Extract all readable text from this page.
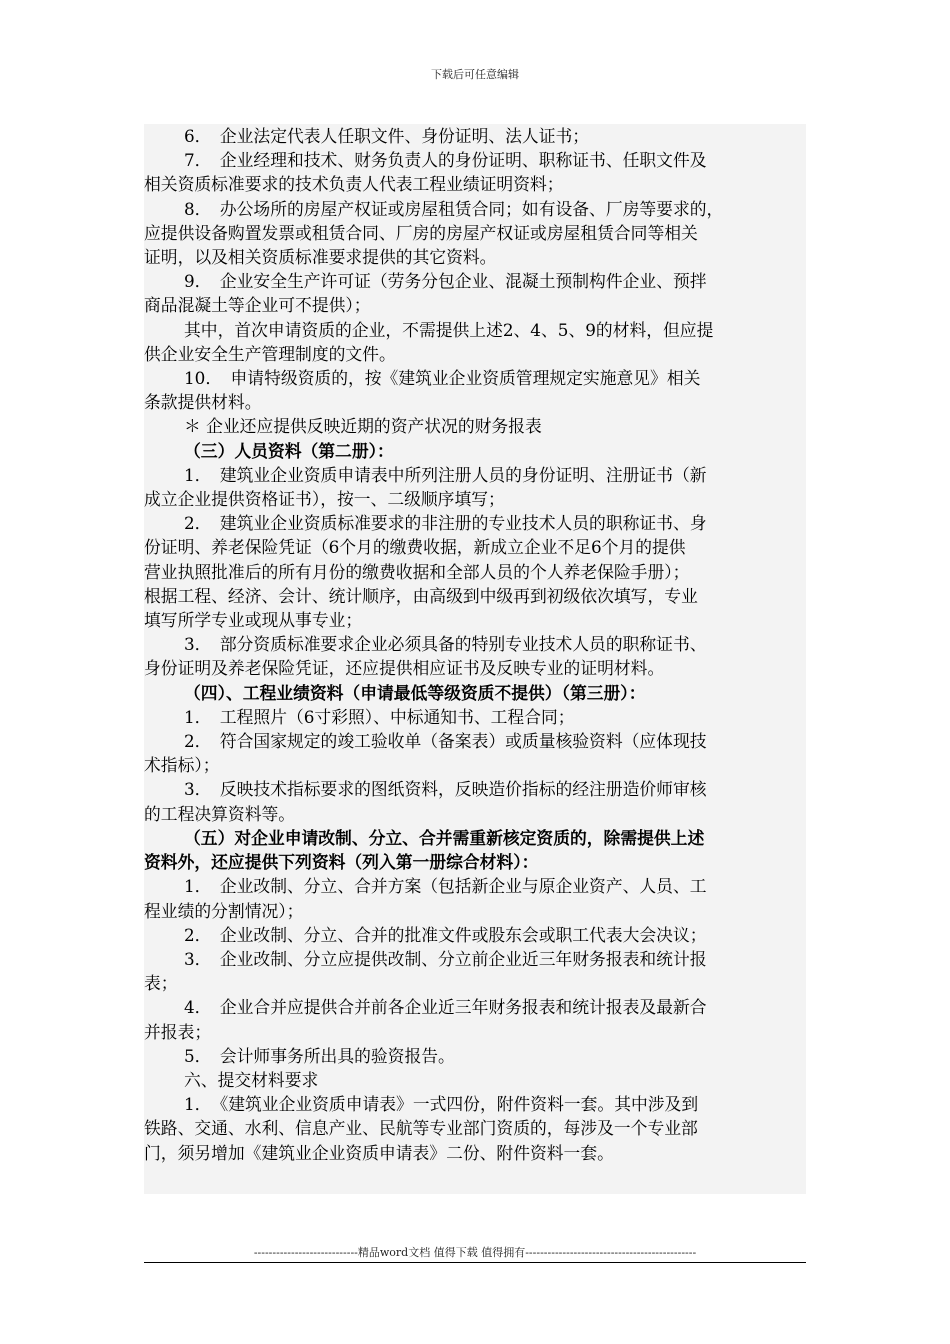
下载后可任意编辑

6．　企业法定代表人任职文件、身份证明、法人证书；

7．　企业经理和技术、财务负责人的身份证明、职称证书、任职文件及

相关资质标准要求的技术负责人代表工程业绩证明资料；

8．　办公场所的房屋产权证或房屋租赁合同；如有设备、厂房等要求的，

应提供设备购置发票或租赁合同、厂房的房屋产权证或房屋租赁合同等相关

证明，以及相关资质标准要求提供的其它资料。

9．　企业安全生产许可证（劳务分包企业、混凝土预制构件企业、预拌

商品混凝土等企业可不提供）；

其中，首次申请资质的企业，不需提供上述2、4、5、9的材料，但应提

供企业安全生产管理制度的文件。

10．　申请特级资质的，按《建筑业企业资质管理规定实施意见》相关

条款提供材料。

＊ 企业还应提供反映近期的资产状况的财务报表

（三）人员资料（第二册）：

1．　建筑业企业资质申请表中所列注册人员的身份证明、注册证书（新

成立企业提供资格证书），按一、二级顺序填写；

2．　建筑业企业资质标准要求的非注册的专业技术人员的职称证书、身

份证明、养老保险凭证（6个月的缴费收据，新成立企业不足6个月的提供

营业执照批准后的所有月份的缴费收据和全部人员的个人养老保险手册）；

根据工程、经济、会计、统计顺序，由高级到中级再到初级依次填写，专业

填写所学专业或现从事专业；

3．　部分资质标准要求企业必须具备的特别专业技术人员的职称证书、

身份证明及养老保险凭证，还应提供相应证书及反映专业的证明材料。

（四）、工程业绩资料（申请最低等级资质不提供）（第三册）：

1．　工程照片（6寸彩照）、中标通知书、工程合同；

2．　符合国家规定的竣工验收单（备案表）或质量核验资料（应体现技

术指标）；

3．　反映技术指标要求的图纸资料，反映造价指标的经注册造价师审核

的工程决算资料等。

（五）对企业申请改制、分立、合并需重新核定资质的，除需提供上述

资料外，还应提供下列资料（列入第一册综合材料）：

1．　企业改制、分立、合并方案（包括新企业与原企业资产、人员、工

程业绩的分割情况）；

2．　企业改制、分立、合并的批准文件或股东会或职工代表大会决议；

3．　企业改制、分立应提供改制、分立前企业近三年财务报表和统计报

表；

4．　企业合并应提供合并前各企业近三年财务报表和统计报表及最新合

并报表；

5．　会计师事务所出具的验资报告。

六、提交材料要求

1．　《建筑业企业资质申请表》一式四份，附件资料一套。其中涉及到

铁路、交通、水利、信息产业、民航等专业部门资质的，每涉及一个专业部

门，须另增加《建筑业企业资质申请表》二份、附件资料一套。

----------------------------精品word文档 值得下载 值得拥有----------------------------------------------
